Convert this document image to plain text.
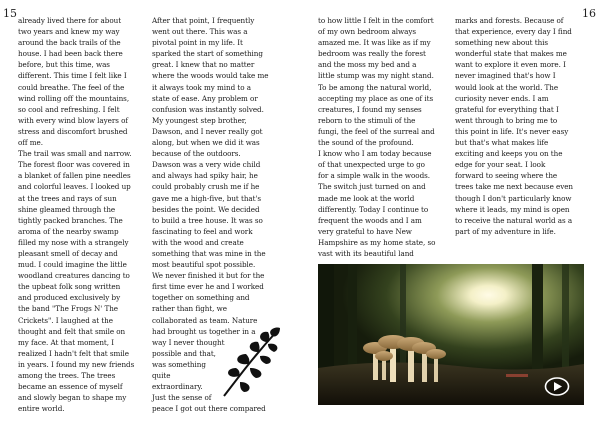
15	16
already lived there for about
two years and knew my way
around the back trails of the
house. I had been back there
before, but this time, was
different. This time I felt like I
could breathe. The feel of the
wind rolling off the mountains,
so cool and refreshing. I felt
with every wind blow layers of
stress and discomfort brushed
off me.
The trail was small and narrow.
The forest floor was covered in
a blanket of fallen pine needles
and colorful leaves. I looked up
at the trees and rays of sun
shine gleamed through the
tightly packed branches. The
aroma of the nearby swamp
filled my nose with a strangely
pleasant smell of decay and
mud. I could imagine the little
woodland creatures dancing to
the upbeat folk song written
and produced exclusively by
the band "The Frogs N' The
Crickets". I laughed at the
thought and felt that smile on
my face. At that moment, I
realized I hadn't felt that smile
in years. I found my new friends
among the trees. The trees
became an essence of myself
and slowly began to shape my
entire world.
After that point, I frequently
went out there. This was a
pivotal point in my life. It
sparked the start of something
great. I knew that no matter
where the woods would take me
it always took my mind to a
state of ease. Any problem or
confusion was instantly solved.
My youngest step brother,
Dawson, and I never really got
along, but when we did it was
because of the outdoors.
Dawson was a very wide child
and always had spiky hair, he
could probably crush me if he
gave me a high-five, but that's
besides the point. We decided
to build a tree house. It was so
fascinating to feel and work
with the wood and create
something that was mine in the
most beautiful spot possible.
We never finished it but for the
first time ever he and I worked
together on something and
rather than fight, we
collaborated as team. Nature
had brought us together in a
way I never thought
possible and that,
was something
quite
extraordinary.
Just the sense of
peace I got out there compared
to how little I felt in the comfort
of my own bedroom always
amazed me. It was like as if my
bedroom was really the forest
and the moss my bed and a
little stump was my night stand.
To be among the natural world,
accepting my place as one of its
creatures, I found my senses
reborn to the stimuli of the
fungi, the feel of the surreal and
the sound of the profound.
I know who I am today because
of that unexpected urge to go
for a simple walk in the woods.
The switch just turned on and
made me look at the world
differently. Today I continue to
frequent the woods and I am
very grateful to have New
Hampshire as my home state, so
vast with its beautiful land
marks and forests. Because of
that experience, every day I find
something new about this
wonderful state that makes me
want to explore it even more. I
never imagined that's how I
would look at the world. The
curiosity never ends. I am
grateful for everything that I
went through to bring me to
this point in life. It's never easy
but that's what makes life
exciting and keeps you on the
edge for your seat. I look
forward to seeing where the
trees take me next because even
though I don't particularly know
where it leads, my mind is open
to receive the natural world as a
part of my adventure in life.
